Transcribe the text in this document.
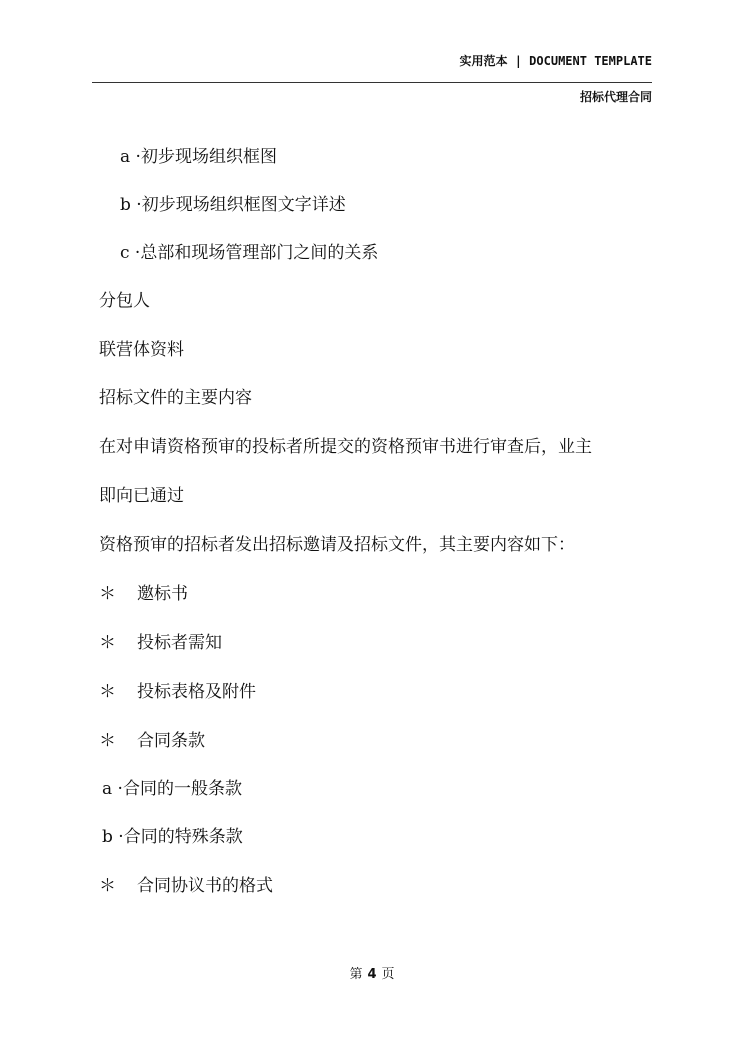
实用范本 | DOCUMENT TEMPLATE
招标代理合同
a ·初步现场组织框图
b ·初步现场组织框图文字详述
c ·总部和现场管理部门之间的关系
分包人
联营体资料
招标文件的主要内容
在对申请资格预审的投标者所提交的资格预审书进行审查后，业主
即向已通过
资格预审的招标者发出招标邀请及招标文件，其主要内容如下：
＊ 邀标书
＊ 投标者需知
＊ 投标表格及附件
＊ 合同条款
a ·合同的一般条款
b ·合同的特殊条款
＊ 合同协议书的格式
第 4 页
